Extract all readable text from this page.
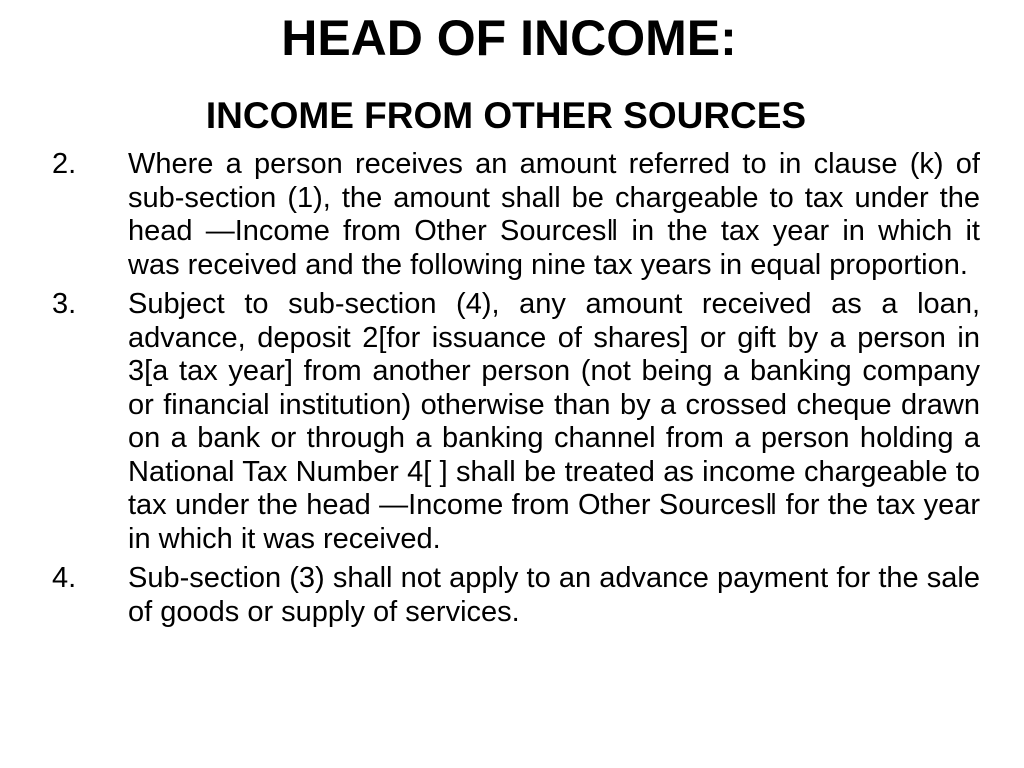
HEAD OF INCOME:
INCOME FROM OTHER SOURCES
2.	Where a person receives an amount referred to in clause (k) of sub-section (1), the amount shall be chargeable to tax under the head —Income from Other Sources‖ in the tax year in which it was received and the following nine tax years in equal proportion.
3.	Subject to sub-section (4), any amount received as a loan, advance, deposit 2[for issuance of shares] or gift by a person in 3[a tax year] from another person (not being a banking company or financial institution) otherwise than by a crossed cheque drawn on a bank or through a banking channel from a person holding a National Tax Number 4[ ] shall be treated as income chargeable to tax under the head —Income from Other Sources‖ for the tax year in which it was received.
4.	Sub-section (3) shall not apply to an advance payment for the sale of goods or supply of services.
